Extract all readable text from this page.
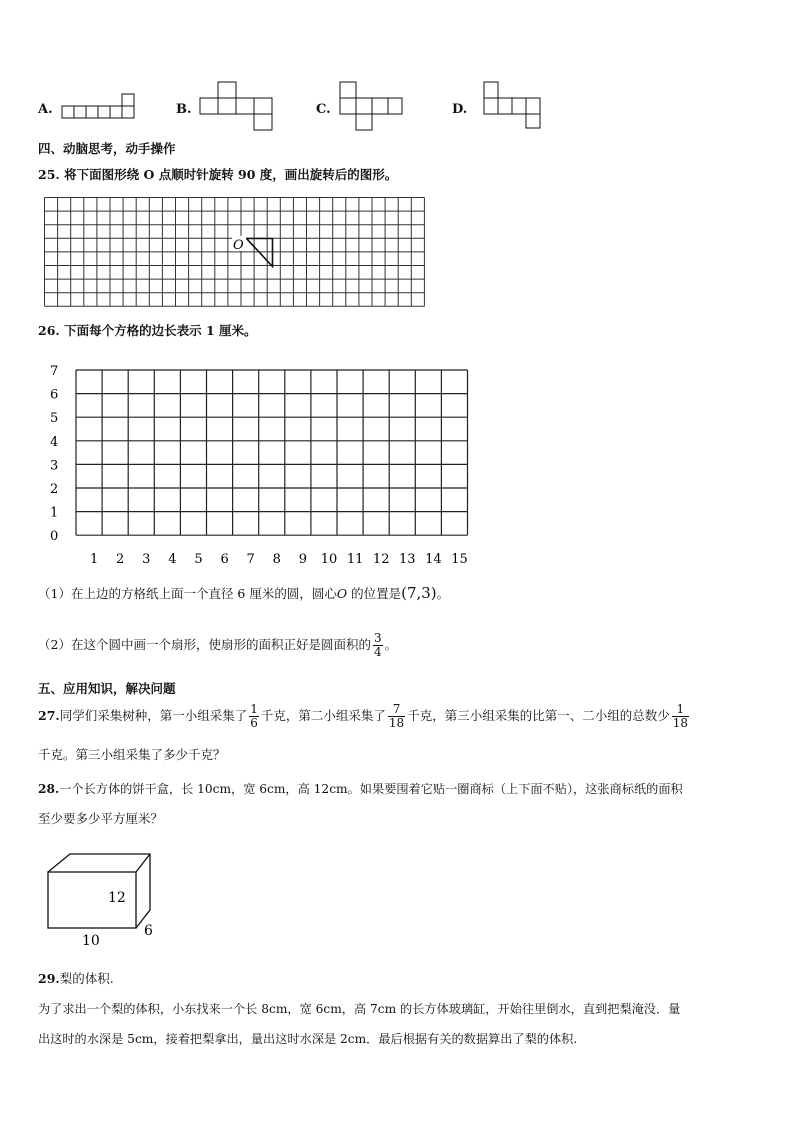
A.	B.	C.	D.
四、动脑思考，动手操作
25. 将下面图形绕 O 点顺时针旋转 90 度，画出旋转后的图形。
O
26. 下面每个方格的边长表示 1 厘米。
7
6
5
4
3
2
1
0
1 2 3 4 5 6 7 8 9 10 11 12 13 14 15
（1）在上边的方格纸上面一个直径 6 厘米的圆，圆心O 的位置是(7,3)。
（2）在这个圆中画一个扇形，使扇形的面积正好是圆面积的 $\frac{3}{4}$ 。
五、应用知识，解决问题
27.同学们采集树种，第一小组采集了 $\frac{1}{6}$ 千克，第二小组采集了 $\frac{7}{18}$ 千克，第三小组采集的比第一、二小组的总数少 $\frac{1}{18}$
千克。第三小组采集了多少千克？
28.一个长方体的饼干盒，长 10cm，宽 6cm，高 12cm。如果要围着它贴一圈商标（上下面不贴），这张商标纸的面积
至少要多少平方厘米？
12
10
6
29.梨的体积.
为了求出一个梨的体积，小东找来一个长 8cm，宽 6cm，高 7cm 的长方体玻璃缸，开始往里倒水，直到把梨淹没．量
出这时的水深是 5cm，接着把梨拿出，量出这时水深是 2cm．最后根据有关的数据算出了梨的体积.
